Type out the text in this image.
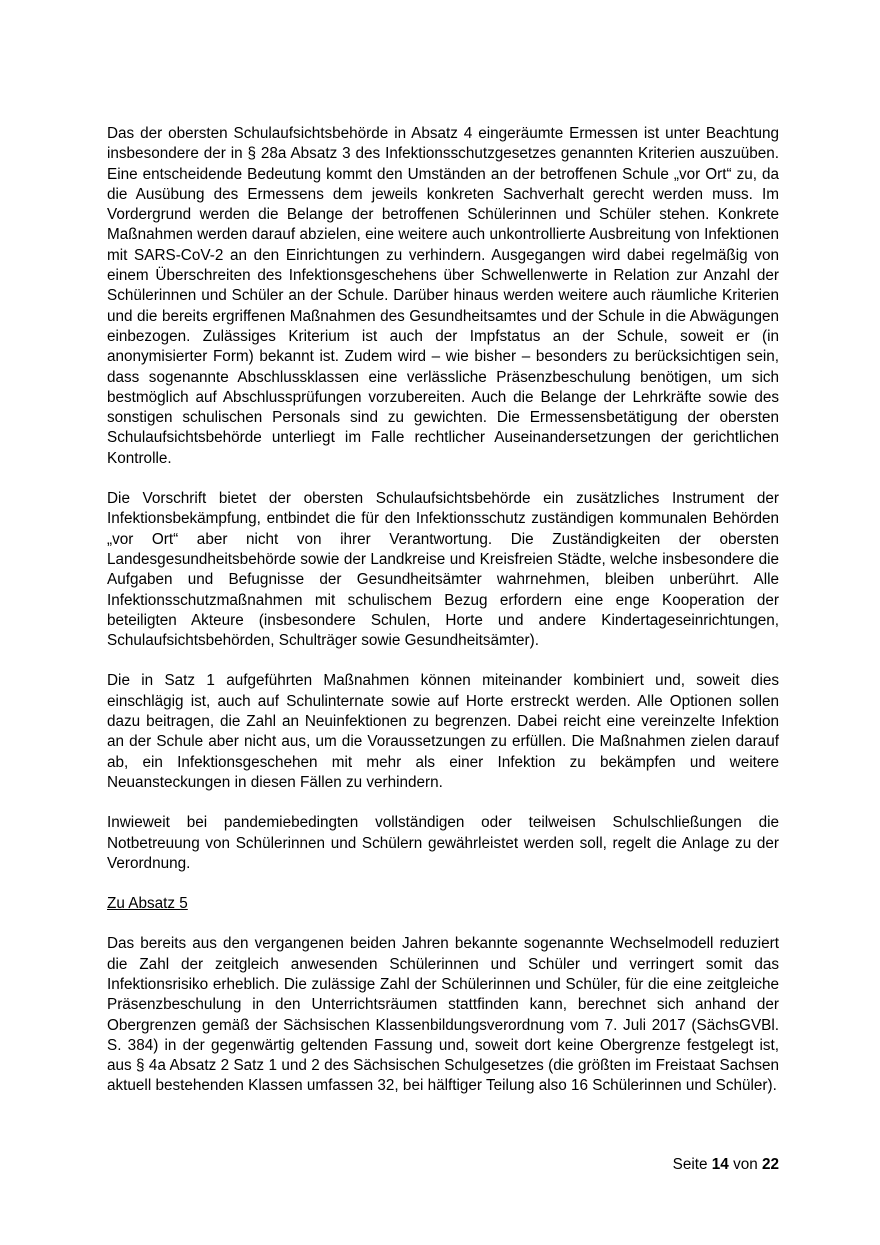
Das der obersten Schulaufsichtsbehörde in Absatz 4 eingeräumte Ermessen ist unter Beachtung insbesondere der in § 28a Absatz 3 des Infektionsschutzgesetzes genannten Kriterien auszuüben. Eine entscheidende Bedeutung kommt den Umständen an der betroffenen Schule „vor Ort“ zu, da die Ausübung des Ermessens dem jeweils konkreten Sachverhalt gerecht werden muss. Im Vordergrund werden die Belange der betroffenen Schülerinnen und Schüler stehen. Konkrete Maßnahmen werden darauf abzielen, eine weitere auch unkontrollierte Ausbreitung von Infektionen mit SARS-CoV-2 an den Einrichtungen zu verhindern. Ausgegangen wird dabei regelmäßig von einem Überschreiten des Infektionsgeschehens über Schwellenwerte in Relation zur Anzahl der Schülerinnen und Schüler an der Schule. Darüber hinaus werden weitere auch räumliche Kriterien und die bereits ergriffenen Maßnahmen des Gesundheitsamtes und der Schule in die Abwägungen einbezogen. Zulässiges Kriterium ist auch der Impfstatus an der Schule, soweit er (in anonymisierter Form) bekannt ist. Zudem wird – wie bisher – besonders zu berücksichtigen sein, dass sogenannte Abschlussklassen eine verlässliche Präsenzbeschulung benötigen, um sich bestmöglich auf Abschlussprüfungen vorzubereiten. Auch die Belange der Lehrkräfte sowie des sonstigen schulischen Personals sind zu gewichten. Die Ermessensbetätigung der obersten Schulaufsichtsbehörde unterliegt im Falle rechtlicher Auseinandersetzungen der gerichtlichen Kontrolle.

Die Vorschrift bietet der obersten Schulaufsichtsbehörde ein zusätzliches Instrument der Infektionsbekämpfung, entbindet die für den Infektionsschutz zuständigen kommunalen Behörden „vor Ort“ aber nicht von ihrer Verantwortung. Die Zuständigkeiten der obersten Landesgesundheitsbehörde sowie der Landkreise und Kreisfreien Städte, welche insbesondere die Aufgaben und Befugnisse der Gesundheitsämter wahrnehmen, bleiben unberührt. Alle Infektionsschutzmaßnahmen mit schulischem Bezug erfordern eine enge Kooperation der beteiligten Akteure (insbesondere Schulen, Horte und andere Kindertageseinrichtungen, Schulaufsichtsbehörden, Schulträger sowie Gesundheitsämter).

Die in Satz 1 aufgeführten Maßnahmen können miteinander kombiniert und, soweit dies einschlägig ist, auch auf Schulinternate sowie auf Horte erstreckt werden. Alle Optionen sollen dazu beitragen, die Zahl an Neuinfektionen zu begrenzen. Dabei reicht eine vereinzelte Infektion an der Schule aber nicht aus, um die Voraussetzungen zu erfüllen. Die Maßnahmen zielen darauf ab, ein Infektionsgeschehen mit mehr als einer Infektion zu bekämpfen und weitere Neuansteckungen in diesen Fällen zu verhindern.

Inwieweit bei pandemiebedingten vollständigen oder teilweisen Schulschließungen die Notbetreuung von Schülerinnen und Schülern gewährleistet werden soll, regelt die Anlage zu der Verordnung.

Zu Absatz 5

Das bereits aus den vergangenen beiden Jahren bekannte sogenannte Wechselmodell reduziert die Zahl der zeitgleich anwesenden Schülerinnen und Schüler und verringert somit das Infektionsrisiko erheblich. Die zulässige Zahl der Schülerinnen und Schüler, für die eine zeitgleiche Präsenzbeschulung in den Unterrichtsräumen stattfinden kann, berechnet sich anhand der Obergrenzen gemäß der Sächsischen Klassenbildungsverordnung vom 7. Juli 2017 (SächsGVBl. S. 384) in der gegenwärtig geltenden Fassung und, soweit dort keine Obergrenze festgelegt ist, aus § 4a Absatz 2 Satz 1 und 2 des Sächsischen Schulgesetzes (die größten im Freistaat Sachsen aktuell bestehenden Klassen umfassen 32, bei hälftiger Teilung also 16 Schülerinnen und Schüler).

Seite 14 von 22
